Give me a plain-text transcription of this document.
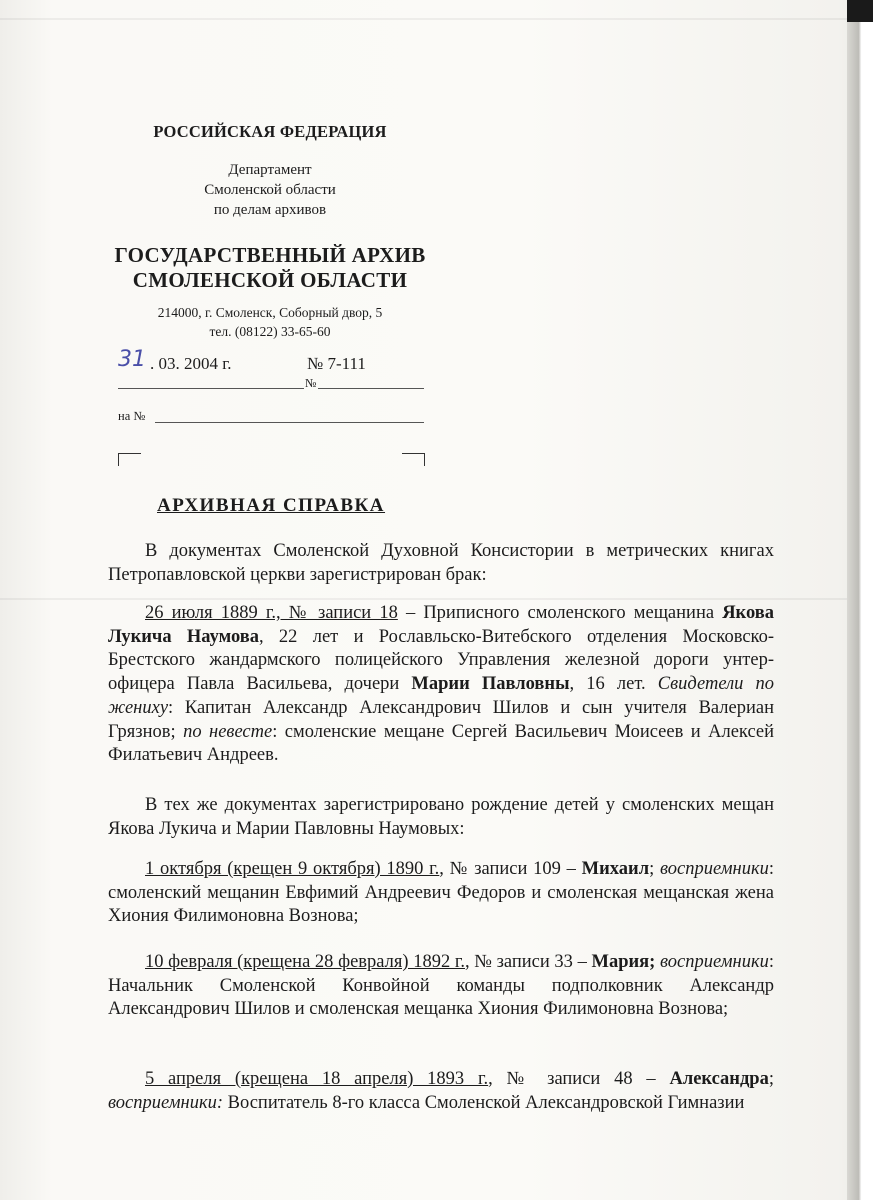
РОССИЙСКАЯ ФЕДЕРАЦИЯ
Департамент
Смоленской области
по делам архивов
ГОСУДАРСТВЕННЫЙ АРХИВ
СМОЛЕНСКОЙ ОБЛАСТИ
214000, г. Смоленск, Соборный двор, 5
тел. (08122) 33-65-60
31 . 03. 2004 г.	№ 7-111
№
на №
АРХИВНАЯ СПРАВКА
В документах Смоленской Духовной Консистории в метрических книгах Петропавловской церкви зарегистрирован брак:
26 июля 1889 г., № записи 18 – Приписного смоленского мещанина Якова Лукича Наумова, 22 лет и Рославльско-Витебского отделения Московско-Брестского жандармского полицейского Управления железной дороги унтер-офицера Павла Васильева, дочери Марии Павловны, 16 лет. Свидетели по жениху: Капитан Александр Александрович Шилов и сын учителя Валериан Грязнов; по невесте: смоленские мещане Сергей Васильевич Моисеев и Алексей Филатьевич Андреев.
В тех же документах зарегистрировано рождение детей у смоленских мещан Якова Лукича и Марии Павловны Наумовых:
1 октября (крещен 9 октября) 1890 г., № записи 109 – Михаил; восприемники: смоленский мещанин Евфимий Андреевич Федоров и смоленская мещанская жена Хиония Филимоновна Вознова;
10 февраля (крещена 28 февраля) 1892 г., № записи 33 – Мария; восприемники: Начальник Смоленской Конвойной команды подполковник Александр Александрович Шилов и смоленская мещанка Хиония Филимоновна Вознова;
5 апреля (крещена 18 апреля) 1893 г., № записи 48 – Александра; восприемники: Воспитатель 8-го класса Смоленской Александровской Гимназии
